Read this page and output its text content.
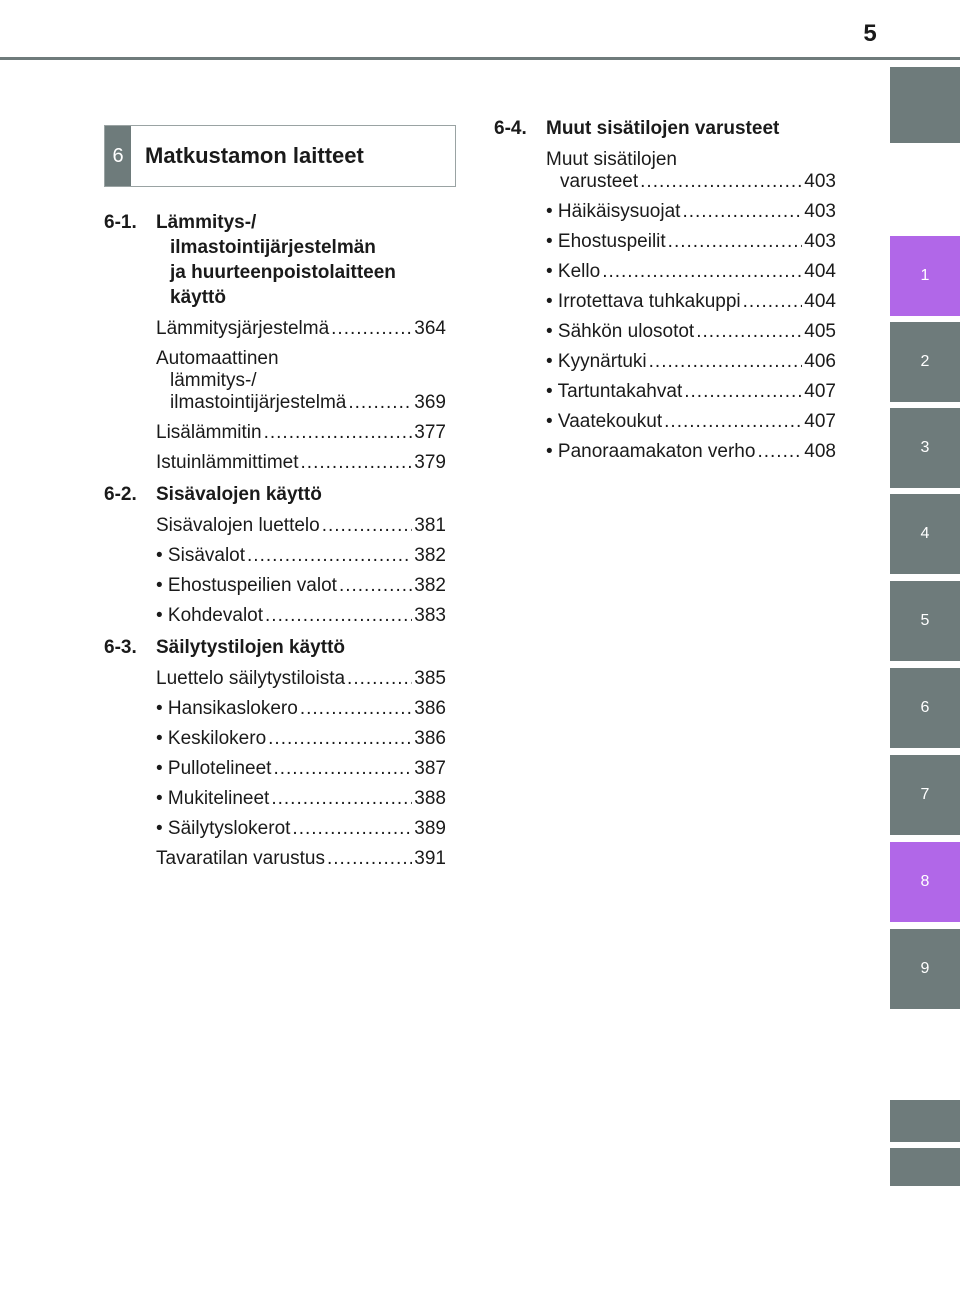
5
1
2
3
4
5
6
7
8
9
6 Matkustamon laitteet
6-1.	Lämmitys-/
ilmastointijärjestelmän
ja huurteenpoistolaitteen
käyttö
Lämmitysjärjestelmä .....	364
Automaattinen
lämmitys-/
ilmastointijärjestelmä .....	369
Lisälämmitin .....	377
Istuinlämmittimet .....	379
6-2.	Sisävalojen käyttö
Sisävalojen luettelo .....	381
• Sisävalot .....	382
• Ehostuspeilien valot .....	382
• Kohdevalot .....	383
6-3.	Säilytystilojen käyttö
Luettelo säilytystiloista .....	385
• Hansikaslokero .....	386
• Keskilokero .....	386
• Pullotelineet .....	387
• Mukitelineet .....	388
• Säilytyslokerot .....	389
Tavaratilan varustus .....	391
6-4.	Muut sisätilojen varusteet
Muut sisätilojen
varusteet .....	403
• Häikäisysuojat .....	403
• Ehostuspeilit .....	403
• Kello .....	404
• Irrotettava tuhkakuppi .....	404
• Sähkön ulosotot .....	405
• Kyynärtuki .....	406
• Tartuntakahvat .....	407
• Vaatekoukut .....	407
• Panoraamakaton verho .....	408
